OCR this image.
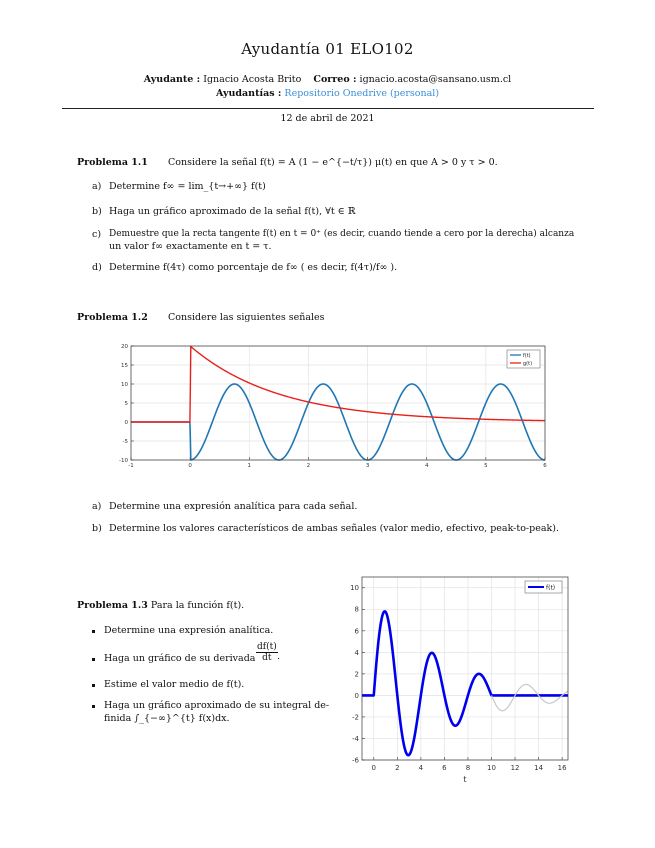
Ayudantía 01 ELO102
Ayudante : Ignacio Acosta Brito Correo : ignacio.acosta@sansano.usm.cl
Ayudantías : Repositorio Onedrive (personal)
12 de abril de 2021
Problema 1.1 Considere la señal f(t) = A (1 − e^{−t/τ}) μ(t) en que A > 0 y τ > 0.
a) Determine f∞ = lim_{t→+∞} f(t)
b) Haga un gráfico aproximado de la señal f(t), ∀t ∈ ℝ
c) Demuestre que la recta tangente f(t) en t = 0⁺ (es decir, cuando tiende a cero por la derecha) alcanza
un valor f∞ exactamente en t = τ.
d) Determine f(4τ) como porcentaje de f∞ ( es decir, f(4τ)/f∞ ).
Problema 1.2 Considere las siguientes señales
-1	0	1	2	3	4	5	6
-10
-5
0
5
10
15
20
f(t)
g(t)
a) Determine una expresión analítica para cada señal.
b) Determine los valores característicos de ambas señales (valor medio, efectivo, peak-to-peak).
Problema 1.3 Para la función f(t).
Determine una expresión analítica.
Haga un gráfico de su derivada $\frac{df(t)}{dt}$ .
Estime el valor medio de f(t).
Haga un gráfico aproximado de su integral de-
finida ∫_{−∞}^{t} f(x)dx.
0	2	4	6	8 10 12 14 16
-6
-4
-2
0
2
4
6
8
10
t
f(t)
